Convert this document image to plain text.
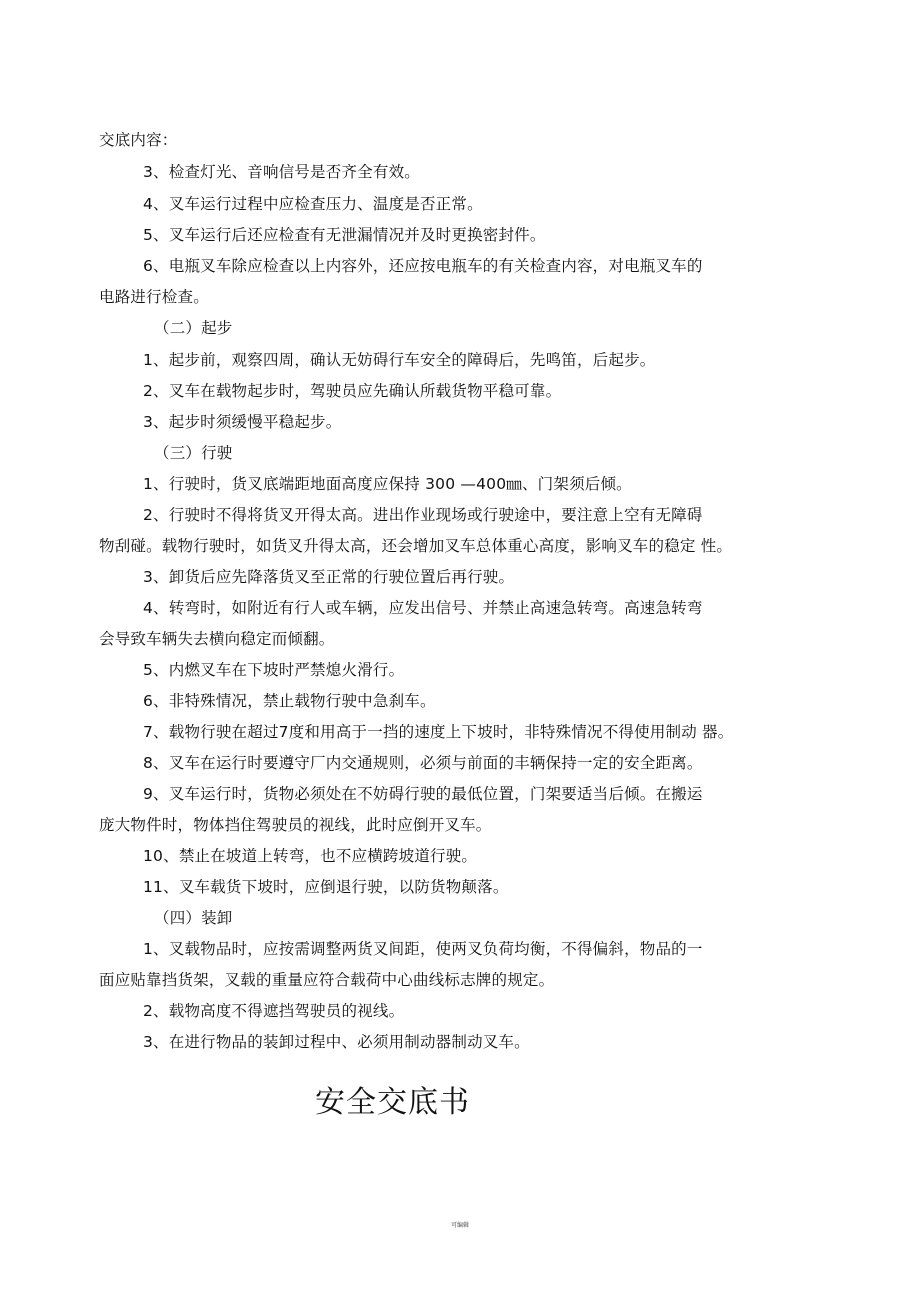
交底内容：
3、检查灯光、音响信号是否齐全有效。
4、叉车运行过程中应检查压力、温度是否正常。
5、叉车运行后还应检查有无泄漏情况并及时更换密封件。
6、电瓶叉车除应检查以上内容外，还应按电瓶车的有关检查内容，对电瓶叉车的
电路进行检查。
（二）起步
1、起步前，观察四周，确认无妨碍行车安全的障碍后，先鸣笛，后起步。
2、叉车在载物起步时，驾驶员应先确认所载货物平稳可靠。
3、起步时须缓慢平稳起步。
（三）行驶
1、行驶时，货叉底端距地面高度应保持 300 —400㎜、门架须后倾。
2、行驶时不得将货叉开得太高。进出作业现场或行驶途中，要注意上空有无障碍
物刮碰。载物行驶时，如货叉升得太高，还会增加叉车总体重心高度，影响叉车的稳定 性。
3、卸货后应先降落货叉至正常的行驶位置后再行驶。
4、转弯时，如附近有行人或车辆，应发出信号、并禁止高速急转弯。高速急转弯
会导致车辆失去横向稳定而倾翻。
5、内燃叉车在下坡时严禁熄火滑行。
6、非特殊情况，禁止载物行驶中急刹车。
7、载物行驶在超过7度和用高于一挡的速度上下坡时，非特殊情况不得使用制动 器。
8、叉车在运行时要遵守厂内交通规则，必须与前面的丰辆保持一定的安全距离。
9、叉车运行时，货物必须处在不妨碍行驶的最低位置，门架要适当后倾。在搬运
庞大物件时，物体挡住驾驶员的视线，此时应倒开叉车。
10、禁止在坡道上转弯，也不应横跨坡道行驶。
11、叉车载货下坡时，应倒退行驶，以防货物颠落。
（四）装卸
1、叉载物品时，应按需调整两货叉间距，使两叉负荷均衡，不得偏斜，物品的一
面应贴靠挡货架，叉载的重量应符合载荷中心曲线标志牌的规定。
2、载物高度不得遮挡驾驶员的视线。
3、在进行物品的装卸过程中、必须用制动器制动叉车。
安全交底书
可编辑
